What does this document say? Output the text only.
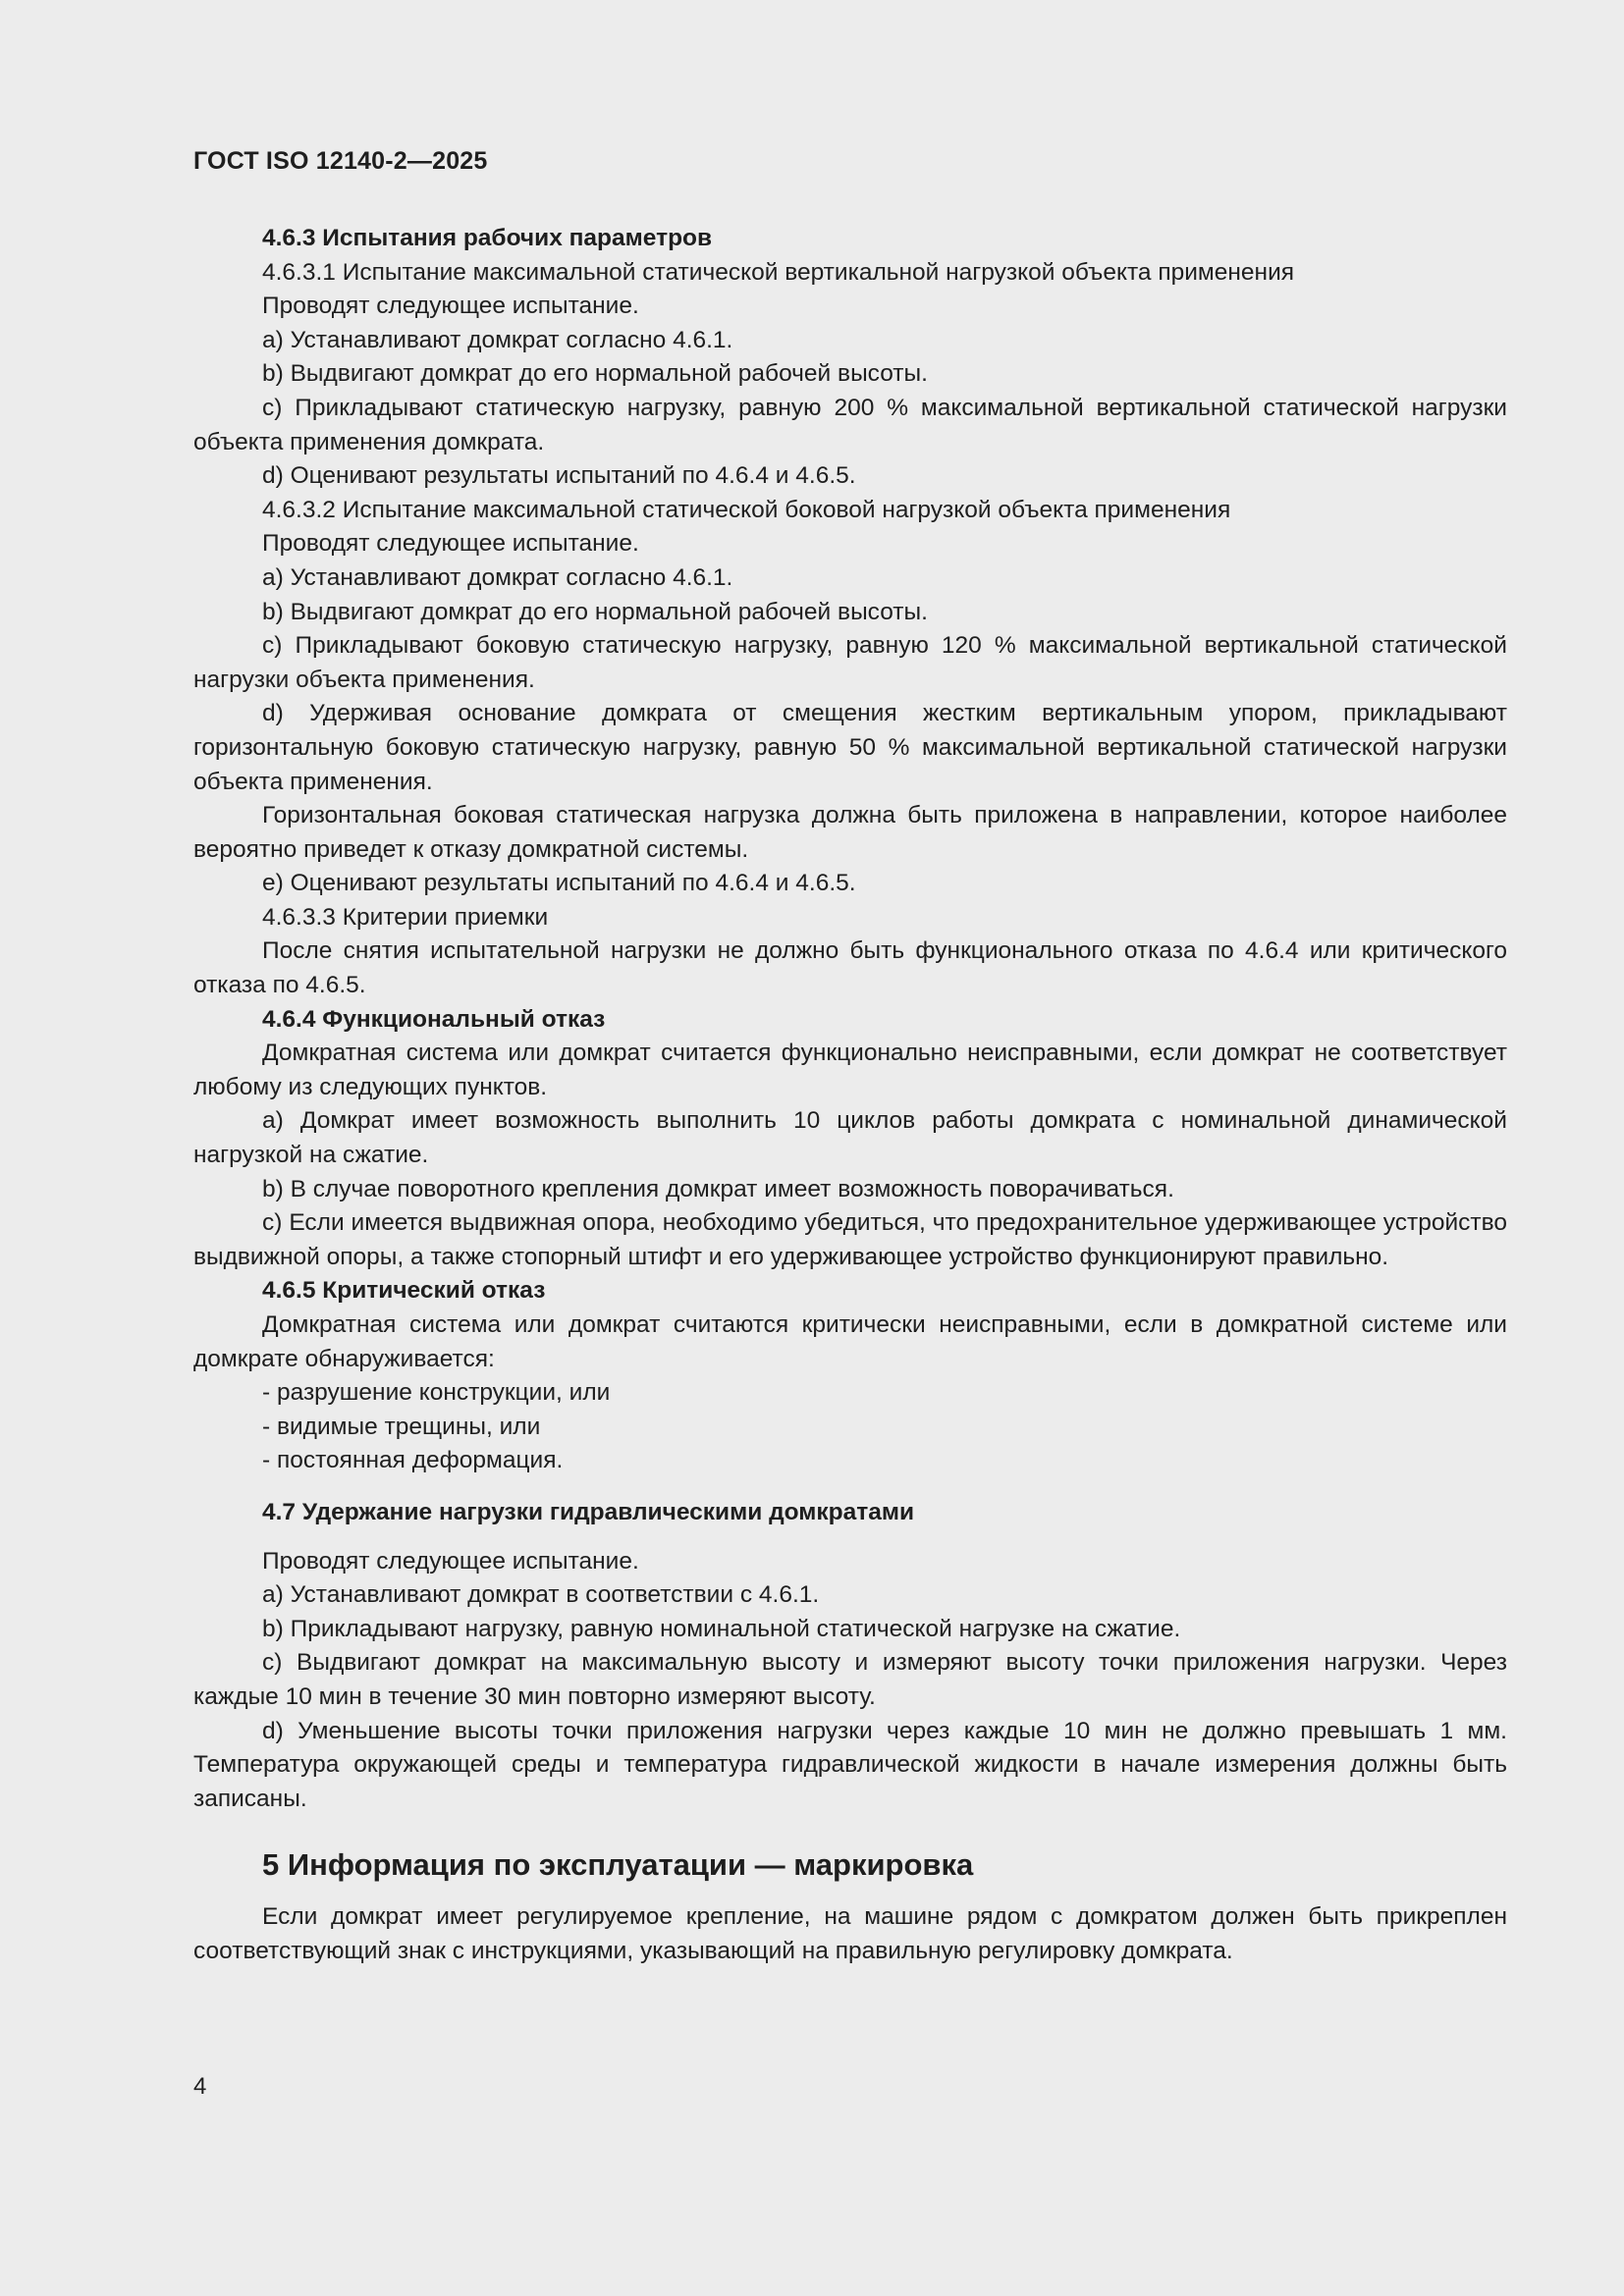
ГОСТ ISO 12140-2—2025

4.6.3 Испытания рабочих параметров

4.6.3.1 Испытание максимальной статической вертикальной нагрузкой объекта применения

Проводят следующее испытание.

a) Устанавливают домкрат согласно 4.6.1.

b) Выдвигают домкрат до его нормальной рабочей высоты.

c) Прикладывают статическую нагрузку, равную 200 % максимальной вертикальной статической нагрузки объекта применения домкрата.

d) Оценивают результаты испытаний по 4.6.4 и 4.6.5.

4.6.3.2 Испытание максимальной статической боковой нагрузкой объекта применения

Проводят следующее испытание.

a) Устанавливают домкрат согласно 4.6.1.

b) Выдвигают домкрат до его нормальной рабочей высоты.

c) Прикладывают боковую статическую нагрузку, равную 120 % максимальной вертикальной статической нагрузки объекта применения.

d) Удерживая основание домкрата от смещения жестким вертикальным упором, прикладывают горизонтальную боковую статическую нагрузку, равную 50 % максимальной вертикальной статической нагрузки объекта применения.

Горизонтальная боковая статическая нагрузка должна быть приложена в направлении, которое наиболее вероятно приведет к отказу домкратной системы.

e) Оценивают результаты испытаний по 4.6.4 и 4.6.5.

4.6.3.3 Критерии приемки

После снятия испытательной нагрузки не должно быть функционального отказа по 4.6.4 или критического отказа по 4.6.5.

4.6.4 Функциональный отказ

Домкратная система или домкрат считается функционально неисправными, если домкрат не соответствует любому из следующих пунктов.

a) Домкрат имеет возможность выполнить 10 циклов работы домкрата с номинальной динамической нагрузкой на сжатие.

b) В случае поворотного крепления домкрат имеет возможность поворачиваться.

c) Если имеется выдвижная опора, необходимо убедиться, что предохранительное удерживающее устройство выдвижной опоры, а также стопорный штифт и его удерживающее устройство функционируют правильно.

4.6.5 Критический отказ

Домкратная система или домкрат считаются критически неисправными, если в домкратной системе или домкрате обнаруживается:

- разрушение конструкции, или

- видимые трещины, или

- постоянная деформация.

4.7 Удержание нагрузки гидравлическими домкратами

Проводят следующее испытание.

a) Устанавливают домкрат в соответствии с 4.6.1.

b) Прикладывают нагрузку, равную номинальной статической нагрузке на сжатие.

c) Выдвигают домкрат на максимальную высоту и измеряют высоту точки приложения нагрузки. Через каждые 10 мин в течение 30 мин повторно измеряют высоту.

d) Уменьшение высоты точки приложения нагрузки через каждые 10 мин не должно превышать 1 мм. Температура окружающей среды и температура гидравлической жидкости в начале измерения должны быть записаны.

5 Информация по эксплуатации — маркировка

Если домкрат имеет регулируемое крепление, на машине рядом с домкратом должен быть прикреплен соответствующий знак с инструкциями, указывающий на правильную регулировку домкрата.

4
